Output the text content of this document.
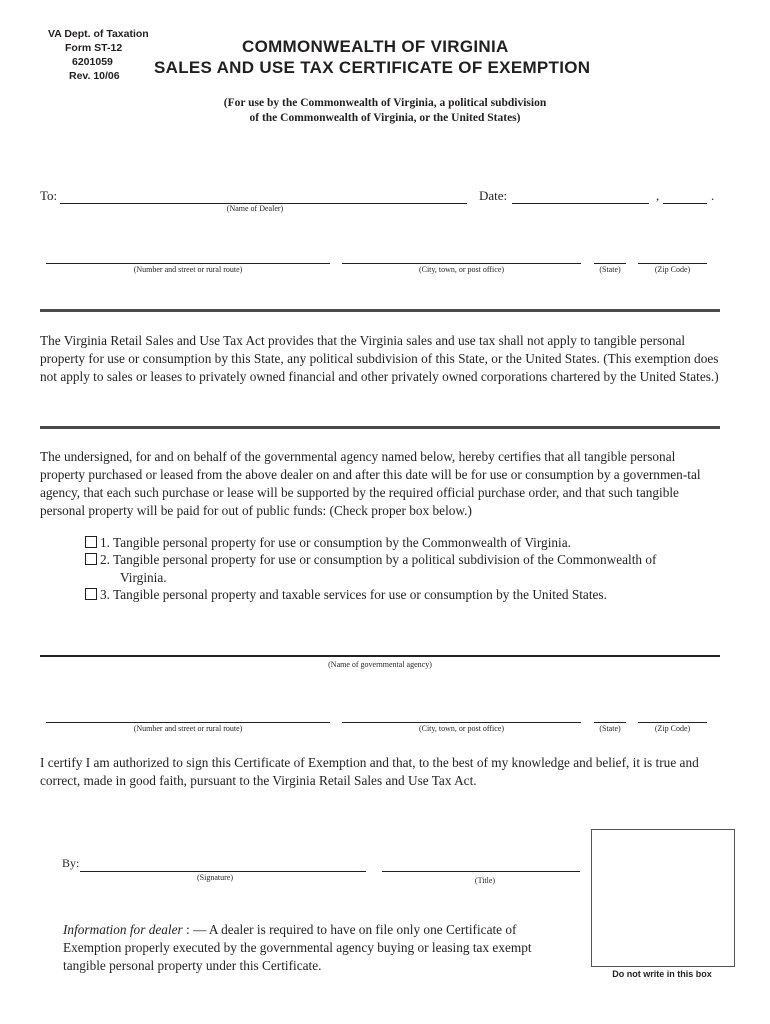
VA Dept. of Taxation
Form ST-12
6201059
Rev. 10/06
COMMONWEALTH OF VIRGINIA
SALES AND USE TAX CERTIFICATE OF EXEMPTION
(For use by the Commonwealth of Virginia, a political subdivision
of the Commonwealth of Virginia, or the United States)
To:
(Name of Dealer)
Date:	,	.
(Number and street or rural route)	(City, town, or post office)	(State)	(Zip Code)
The Virginia Retail Sales and Use Tax Act provides that the Virginia sales and use tax shall not apply to tangible personal property for use or consumption by this State, any political subdivision of this State, or the United States. (This exemption does not apply to sales or leases to privately owned financial and other privately owned corporations chartered by the United States.)
The undersigned, for and on behalf of the governmental agency named below, hereby certifies that all tangible personal property purchased or leased from the above dealer on and after this date will be for use or consumption by a governmen-tal agency, that each such purchase or lease will be supported by the required official purchase order, and that such tangible personal property will be paid for out of public funds: (Check proper box below.)
1. Tangible personal property for use or consumption by the Commonwealth of Virginia.
2. Tangible personal property for use or consumption by a political subdivision of the Commonwealth of
Virginia.
3. Tangible personal property and taxable services for use or consumption by the United States.
(Name of governmental agency)
(Number and street or rural route)	(City, town, or post office)	(State)	(Zip Code)
I certify I am authorized to sign this Certificate of Exemption and that, to the best of my knowledge and belief, it is true and correct, made in good faith, pursuant to the Virginia Retail Sales and Use Tax Act.
By:
(Signature)	(Title)
Information for dealer : — A dealer is required to have on file only one Certificate of Exemption properly executed by the governmental agency buying or leasing tax exempt tangible personal property under this Certificate.
Do not write in this box
